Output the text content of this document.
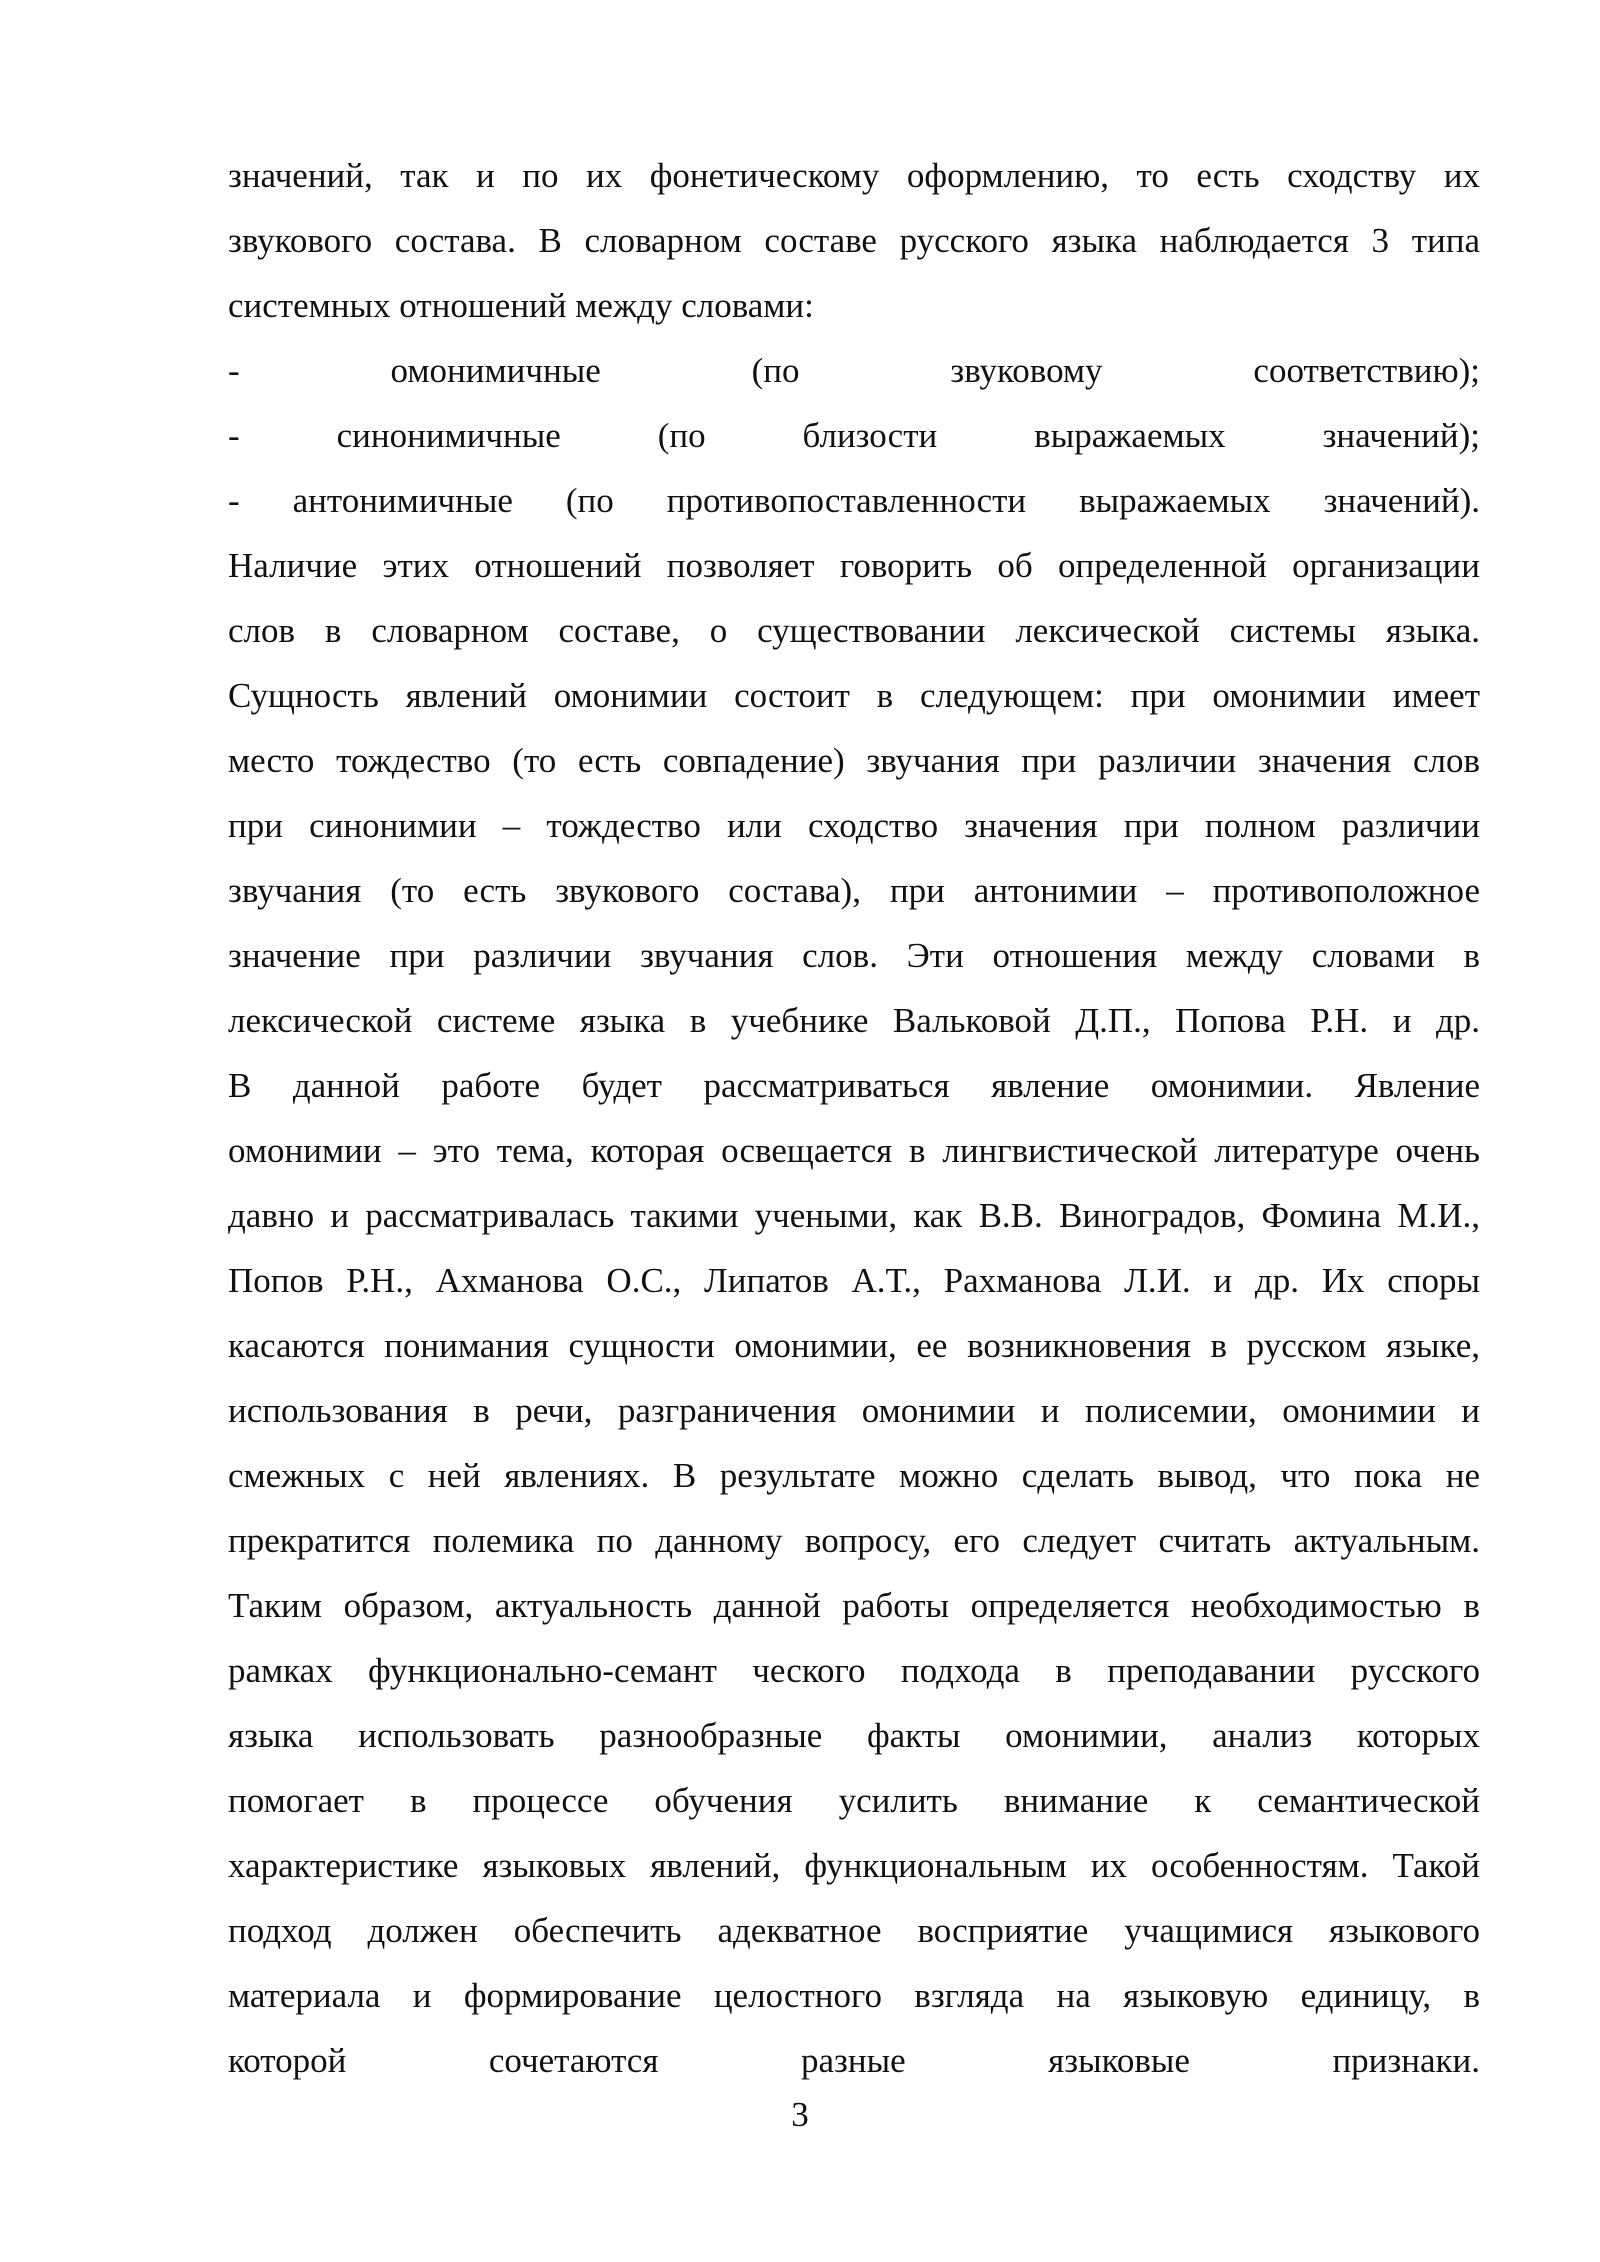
значений, так и по их фонетическому оформлению, то есть сходству их
звукового состава. В словарном составе русского языка наблюдается 3 типа
системных отношений между словами:
- омонимичные (по звуковому соответствию);
- синонимичные (по близости выражаемых значений);
- антонимичные (по противопоставленности выражаемых значений).
Наличие этих отношений позволяет говорить об определенной организации
слов в словарном составе, о существовании лексической системы языка.
Сущность явлений омонимии состоит в следующем: при омонимии имеет
место тождество (то есть совпадение) звучания при различии значения слов
при синонимии – тождество или сходство значения при полном различии
звучания (то есть звукового состава), при антонимии – противоположное
значение при различии звучания слов. Эти отношения между словами в
лексической системе языка в учебнике Вальковой Д.П., Попова Р.Н. и др.
В данной работе будет рассматриваться явление омонимии. Явление
омонимии – это тема, которая освещается в лингвистической литературе очень
давно и рассматривалась такими учеными, как В.В. Виноградов, Фомина М.И.,
Попов Р.Н., Ахманова О.С., Липатов А.Т., Рахманова Л.И. и др. Их споры
касаются понимания сущности омонимии, ее возникновения в русском языке,
использования в речи, разграничения омонимии и полисемии, омонимии и
смежных с ней явлениях. В результате можно сделать вывод, что пока не
прекратится полемика по данному вопросу, его следует считать актуальным.
Таким образом, актуальность данной работы определяется необходимостью в
рамках функционально-семант ческого подхода в преподавании русского
языка использовать разнообразные факты омонимии, анализ которых
помогает в процессе обучения усилить внимание к семантической
характеристике языковых явлений, функциональным их особенностям. Такой
подход должен обеспечить адекватное восприятие учащимися языкового
материала и формирование целостного взгляда на языковую единицу, в
которой сочетаются разные языковые признаки.
3
